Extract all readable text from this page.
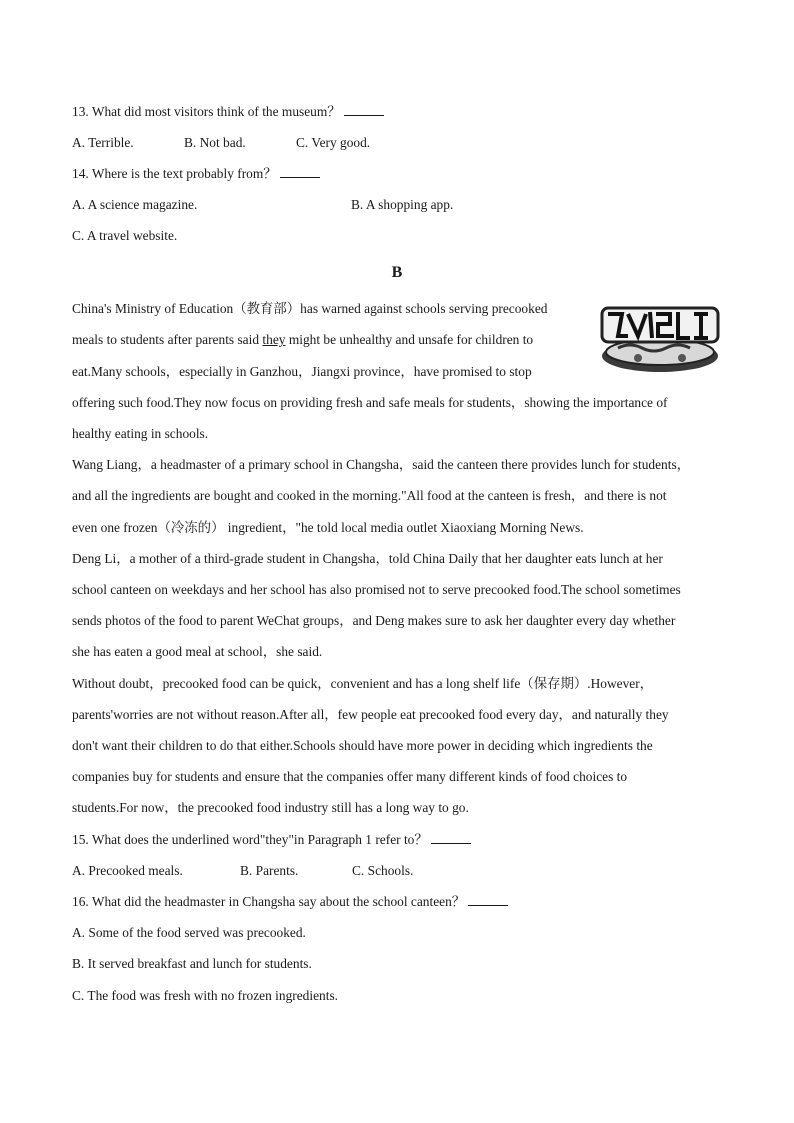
13. What did most visitors think of the museum？
A. Terrible.	B. Not bad.	C. Very good.
14. Where is the text probably from？
A. A science magazine.	B. A shopping app.
C. A travel website.
B
China's Ministry of Education（教育部）has warned against schools serving precooked
meals to students after parents said they might be unhealthy and unsafe for children to
eat.Many schools，especially in Ganzhou，Jiangxi province，have promised to stop
offering such food.They now focus on providing fresh and safe meals for students，showing the importance of
healthy eating in schools.
Wang Liang，a headmaster of a primary school in Changsha，said the canteen there provides lunch for students，
and all the ingredients are bought and cooked in the morning."All food at the canteen is fresh，and there is not
even one frozen（冷冻的） ingredient，"he told local media outlet Xiaoxiang Morning News.
Deng Li，a mother of a third-grade student in Changsha，told China Daily that her daughter eats lunch at her
school canteen on weekdays and her school has also promised not to serve precooked food.The school sometimes
sends photos of the food to parent WeChat groups，and Deng makes sure to ask her daughter every day whether
she has eaten a good meal at school，she said.
Without doubt，precooked food can be quick，convenient and has a long shelf life（保存期）.However，
parents'worries are not without reason.After all，few people eat precooked food every day，and naturally they
don't want their children to do that either.Schools should have more power in deciding which ingredients the
companies buy for students and ensure that the companies offer many different kinds of food choices to
students.For now，the precooked food industry still has a long way to go.
15. What does the underlined word"they"in Paragraph 1 refer to？
A. Precooked meals.	B. Parents.	C. Schools.
16. What did the headmaster in Changsha say about the school canteen？
A. Some of the food served was precooked.
B. It served breakfast and lunch for students.
C. The food was fresh with no frozen ingredients.
